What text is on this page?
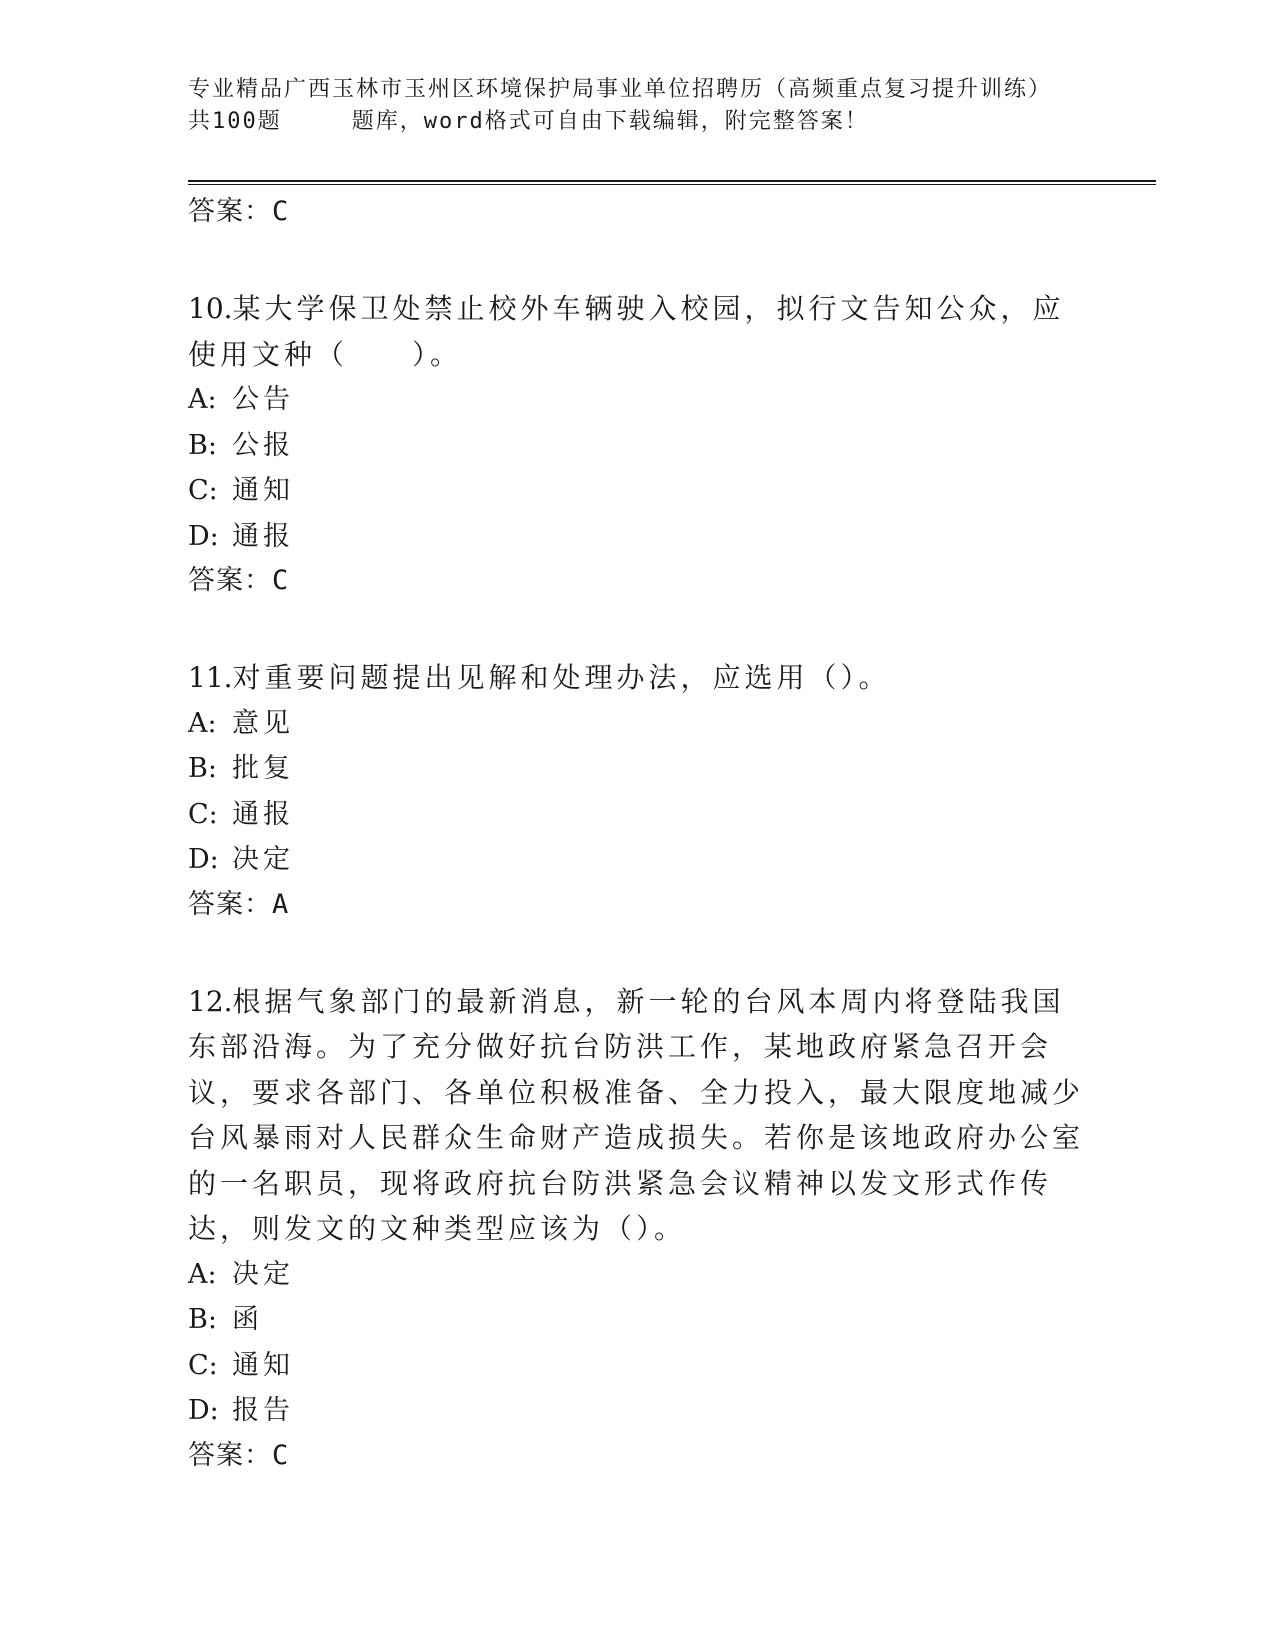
专业精品广西玉林市玉州区环境保护局事业单位招聘历（高频重点复习提升训练）
共100题	题库，word格式可自由下载编辑，附完整答案！
答案：C
10.某大学保卫处禁止校外车辆驶入校园，拟行文告知公众，应使用文种（　　）。
A: 公告
B: 公报
C: 通知
D: 通报
答案：C
11.对重要问题提出见解和处理办法，应选用（）。
A: 意见
B: 批复
C: 通报
D: 决定
答案：A
12.根据气象部门的最新消息，新一轮的台风本周内将登陆我国东部沿海。为了充分做好抗台防洪工作，某地政府紧急召开会议，要求各部门、各单位积极准备、全力投入，最大限度地减少台风暴雨对人民群众生命财产造成损失。若你是该地政府办公室的一名职员，现将政府抗台防洪紧急会议精神以发文形式作传达，则发文的文种类型应该为（）。
A: 决定
B: 函
C: 通知
D: 报告
答案：C
